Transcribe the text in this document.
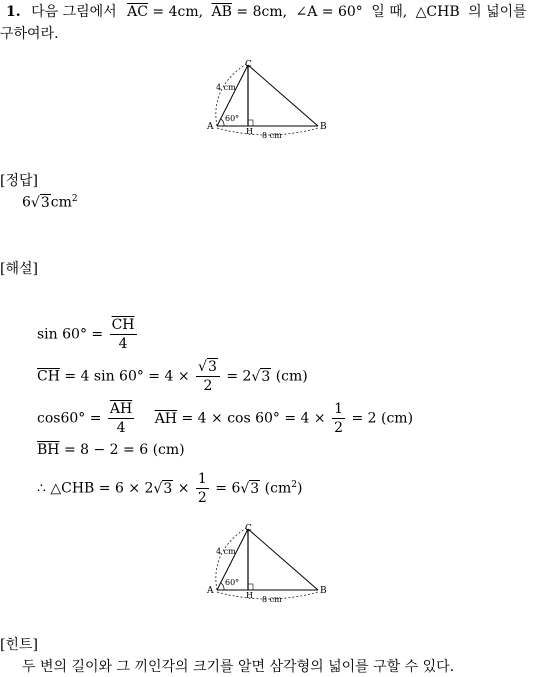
1. 다음 그림에서 $\overline{AC} = 4cm$, $\overline{AB} = 8cm$, ∠A = 60° 일 때, △CHB 의 넓이를
구하여라.
C
A	B
H
4 cm
60°
8 cm
[정답]
$6√3cm^2$
[해설]
$\sin 60^\circ = \frac{\overline{CH}}{4}$
$\overline{CH} = 4$ $\sin 60^\circ = 4 \times \frac{√3}{2} = 2√3$ (cm)
$\cos 60^\circ = \frac{\overline{AH}}{4} \overline{AH} = 4 \times \cos 60^\circ = 4 \times \frac{1}{2} = 2$ (cm)
$\overline{BH} = 8 - 2 = 6$ (cm)
∴ △CHB = $6 \times 2√3 \times \frac{1}{2} = 6√3$ $(cm^2)$
C
A	B
H
4 cm
60°
8 cm
[힌트]
두 변의 길이와 그 끼인각의 크기를 알면 삼각형의 넓이를 구할 수 있다.
